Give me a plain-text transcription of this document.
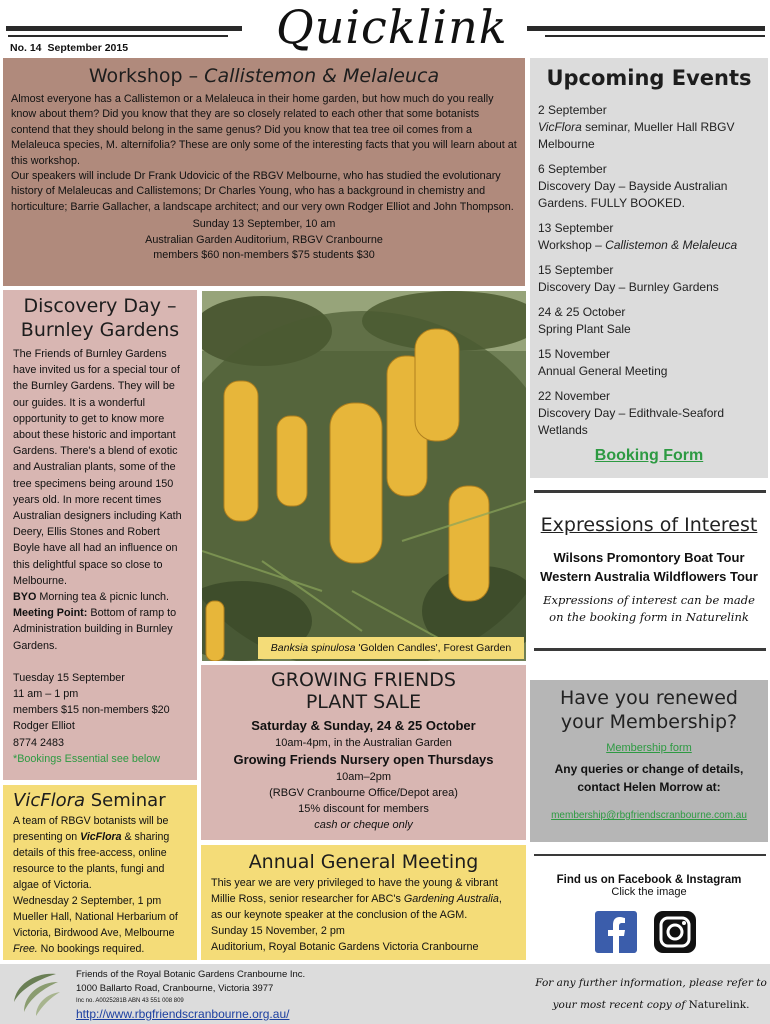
Quicklink
No. 14 September 2015
Workshop – Callistemon & Melaleuca

Almost everyone has a Callistemon or a Melaleuca in their home garden, but how much do you really know about them? Did you know that they are so closely related to each other that some botanists contend that they should belong in the same genus? Did you know that tea tree oil comes from a Melaleuca species, M. alternifolia? These are only some of the interesting facts that you will learn about at this workshop.

Our speakers will include Dr Frank Udovicic of the RBGV Melbourne, who has studied the evolutionary history of Melaleucas and Callistemons; Dr Charles Young, who has a background in chemistry and horticulture; Barrie Gallacher, a landscape architect; and our very own Rodger Elliot and John Thompson.

Sunday 13 September, 10 am

Australian Garden Auditorium, RBGV Cranbourne

members $60 non-members $75 students $30

Upcoming Events
2 September
VicFlora seminar, Mueller Hall RBGV Melbourne
6 September
Discovery Day – Bayside Australian Gardens. FULLY BOOKED.
13 September
Workshop – Callistemon & Melaleuca
15 September
Discovery Day – Burnley Gardens
24 & 25 October
Spring Plant Sale
15 November
Annual General Meeting
22 November
Discovery Day – Edithvale-Seaford Wetlands
Booking Form
Expressions of Interest
Wilsons Promontory Boat Tour
Western Australia Wildflowers Tour
Expressions of interest can be made on the booking form in Naturelink
Have you renewed
your Membership?
Membership form
Any queries or change of details, contact Helen Morrow at:
membership@rbgfriendscranbourne.com.au
Find us on Facebook & Instagram
Click the image
Discovery Day –
Burnley Gardens

The Friends of Burnley Gardens have invited us for a special tour of the Burnley Gardens. They will be our guides. It is a wonderful opportunity to get to know more about these historic and important Gardens. There's a blend of exotic and Australian plants, some of the tree specimens being around 150 years old. In more recent times Australian designers including Kath Deery, Ellis Stones and Robert Boyle have all had an influence on this delightful space so close to Melbourne.

BYO Morning tea & picnic lunch.

Meeting Point: Bottom of ramp to Administration building in Burnley Gardens.

Tuesday 15 September

11 am – 1 pm

members $15 non-members $20

Rodger Elliot

8774 2483

*Bookings Essential see below

Banksia spinulosa 'Golden Candles', Forest Garden
GROWING FRIENDS
PLANT SALE
Saturday & Sunday, 24 & 25 October
10am-4pm, in the Australian Garden
Growing Friends Nursery open Thursdays
10am–2pm
(RBGV Cranbourne Office/Depot area)
15% discount for members
cash or cheque only
VicFlora Seminar

A team of RBGV botanists will be presenting on VicFlora & sharing details of this free-access, online resource to the plants, fungi and algae of Victoria.

Wednesday 2 September, 1 pm

Mueller Hall, National Herbarium of Victoria, Birdwood Ave, Melbourne

Free. No bookings required.

Annual General Meeting

This year we are very privileged to have the young & vibrant Millie Ross, senior researcher for ABC's Gardening Australia, as our keynote speaker at the conclusion of the AGM.

Sunday 15 November, 2 pm

Auditorium, Royal Botanic Gardens Victoria Cranbourne

Friends of the Royal Botanic Gardens Cranbourne Inc.
1000 Ballarto Road, Cranbourne, Victoria 3977
Inc no. A0025281B ABN 43 551 008 809
http://www.rbgfriendscranbourne.org.au/
For any further information, please refer to your most recent copy of Naturelink.
